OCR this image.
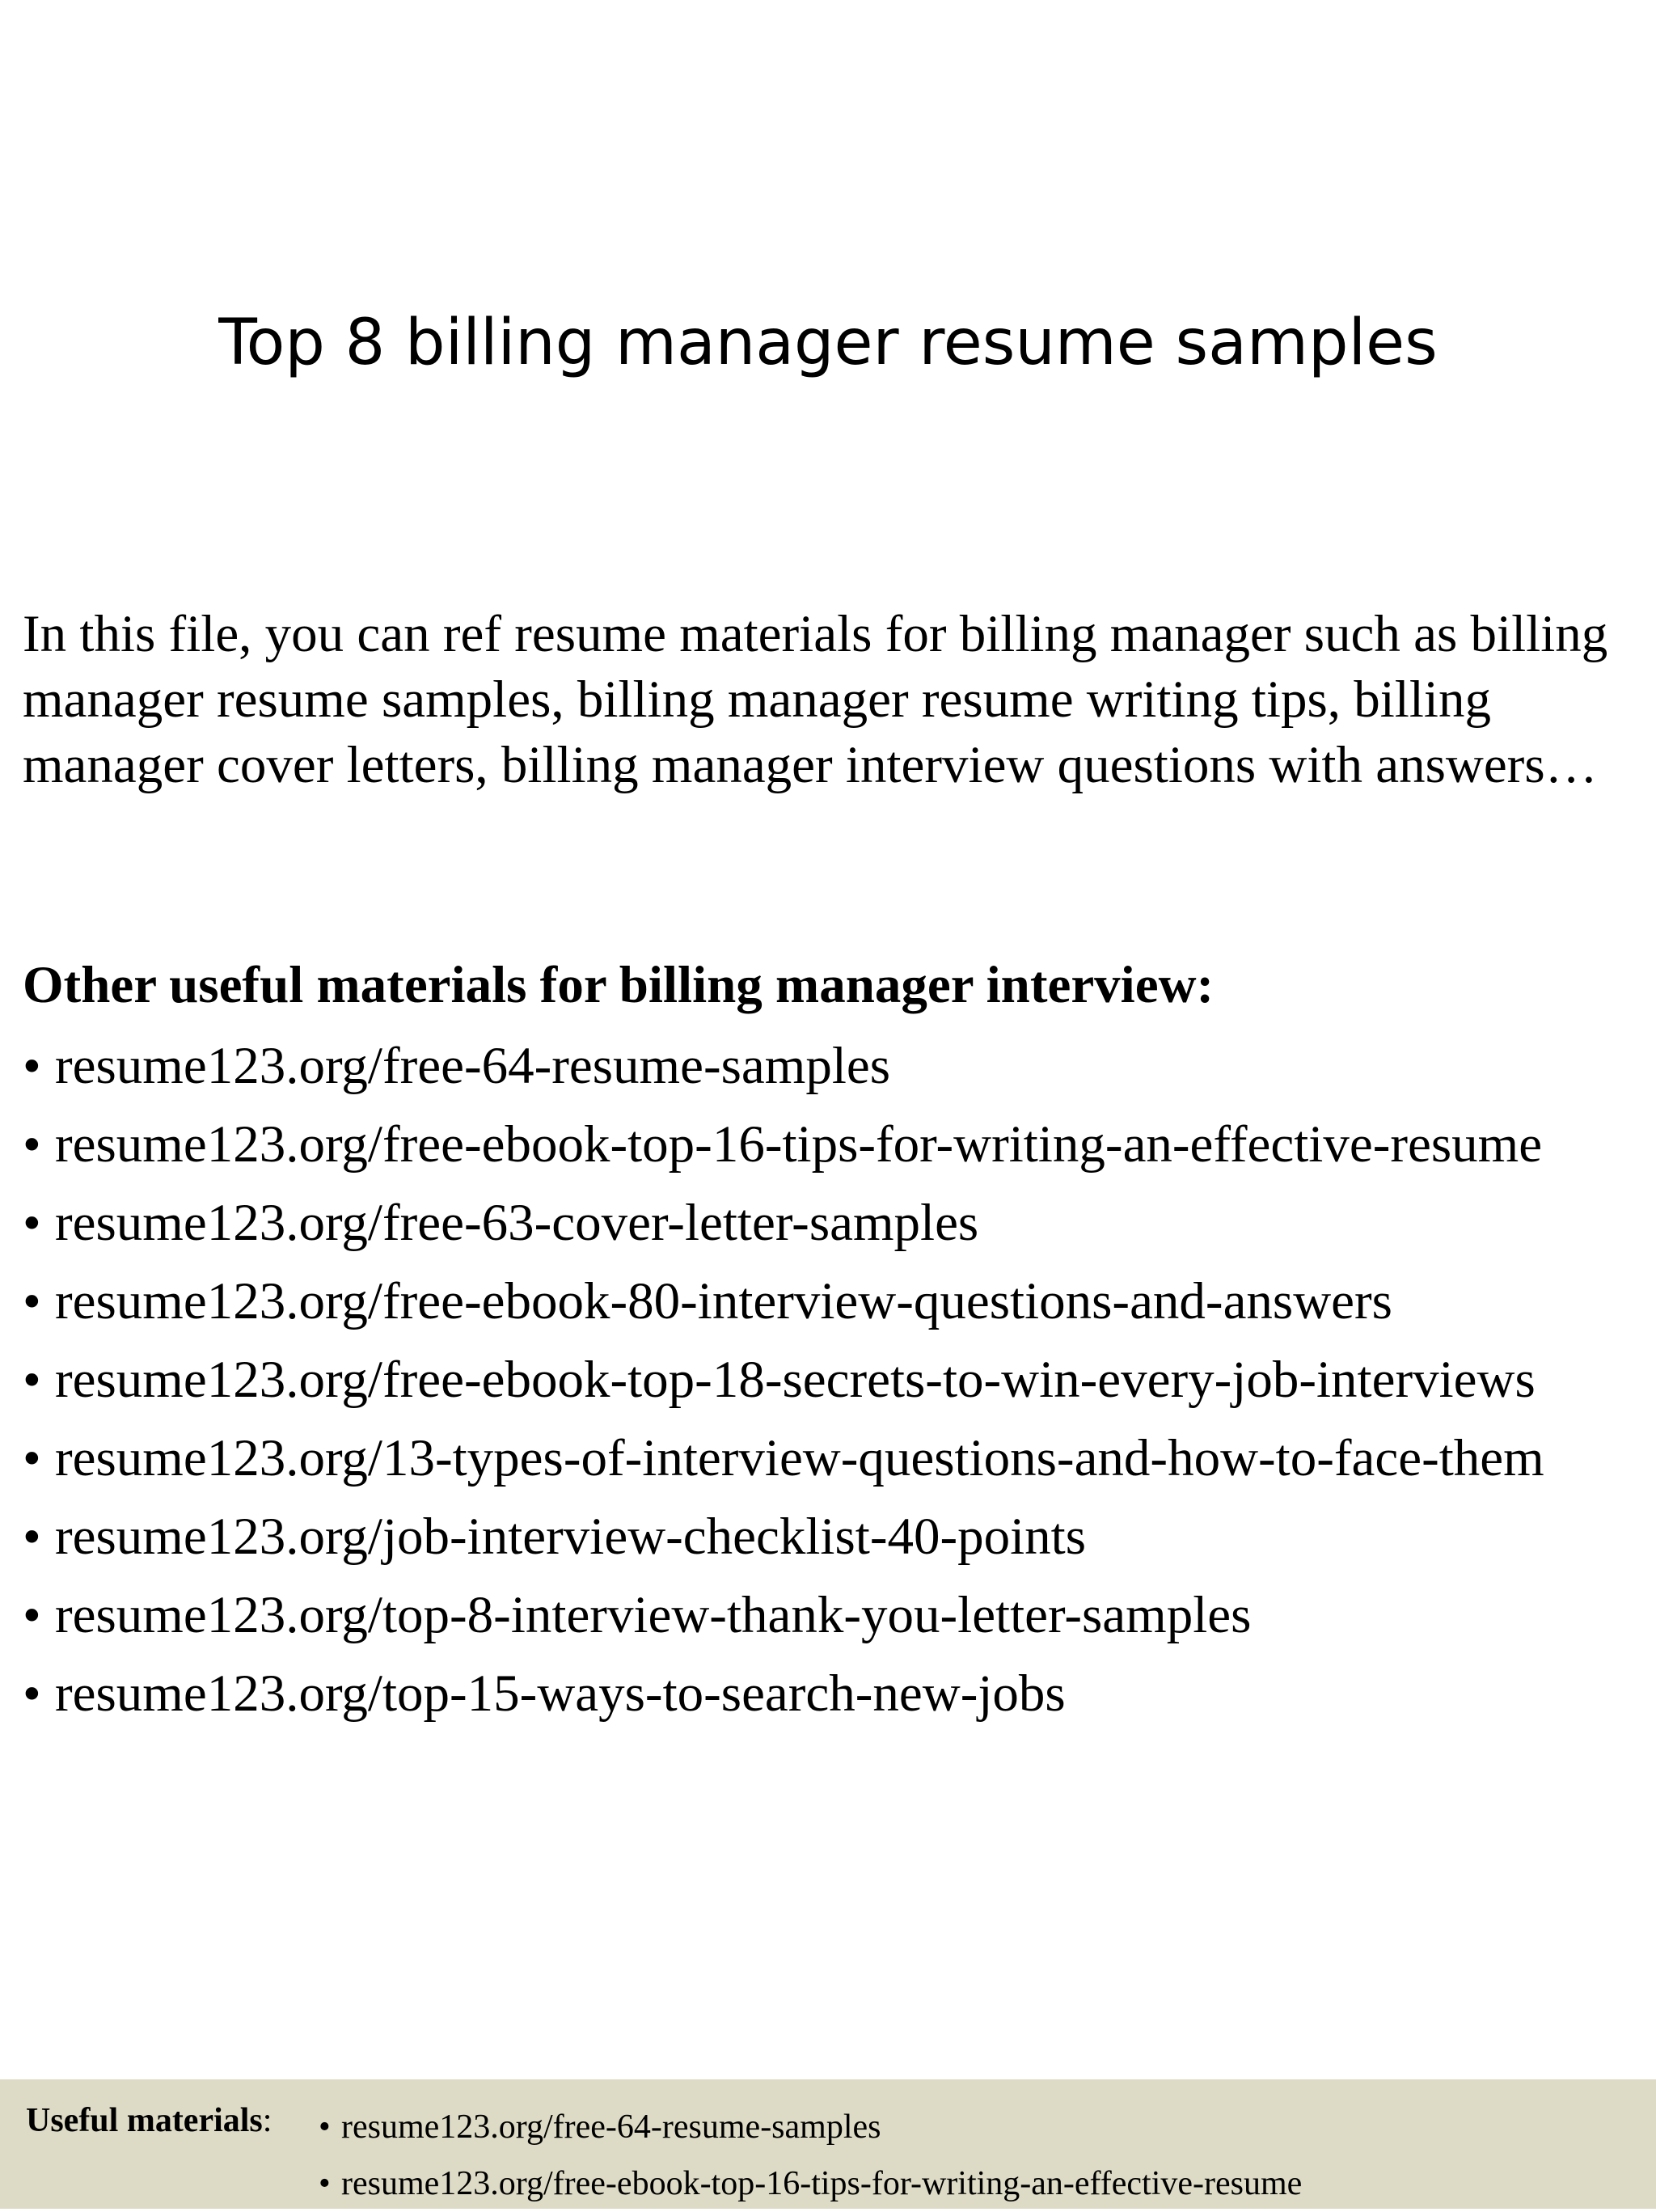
Top 8 billing manager resume samples

In this file, you can ref resume materials for billing manager such as billing manager resume samples, billing manager resume writing tips, billing manager cover letters, billing manager interview questions with answers…

Other useful materials for billing manager interview:
• resume123.org/free-64-resume-samples
• resume123.org/free-ebook-top-16-tips-for-writing-an-effective-resume
• resume123.org/free-63-cover-letter-samples
• resume123.org/free-ebook-80-interview-questions-and-answers
• resume123.org/free-ebook-top-18-secrets-to-win-every-job-interviews
• resume123.org/13-types-of-interview-questions-and-how-to-face-them
• resume123.org/job-interview-checklist-40-points
• resume123.org/top-8-interview-thank-you-letter-samples
• resume123.org/top-15-ways-to-search-new-jobs
Useful materials: • resume123.org/free-64-resume-samples
• resume123.org/free-ebook-top-16-tips-for-writing-an-effective-resume
